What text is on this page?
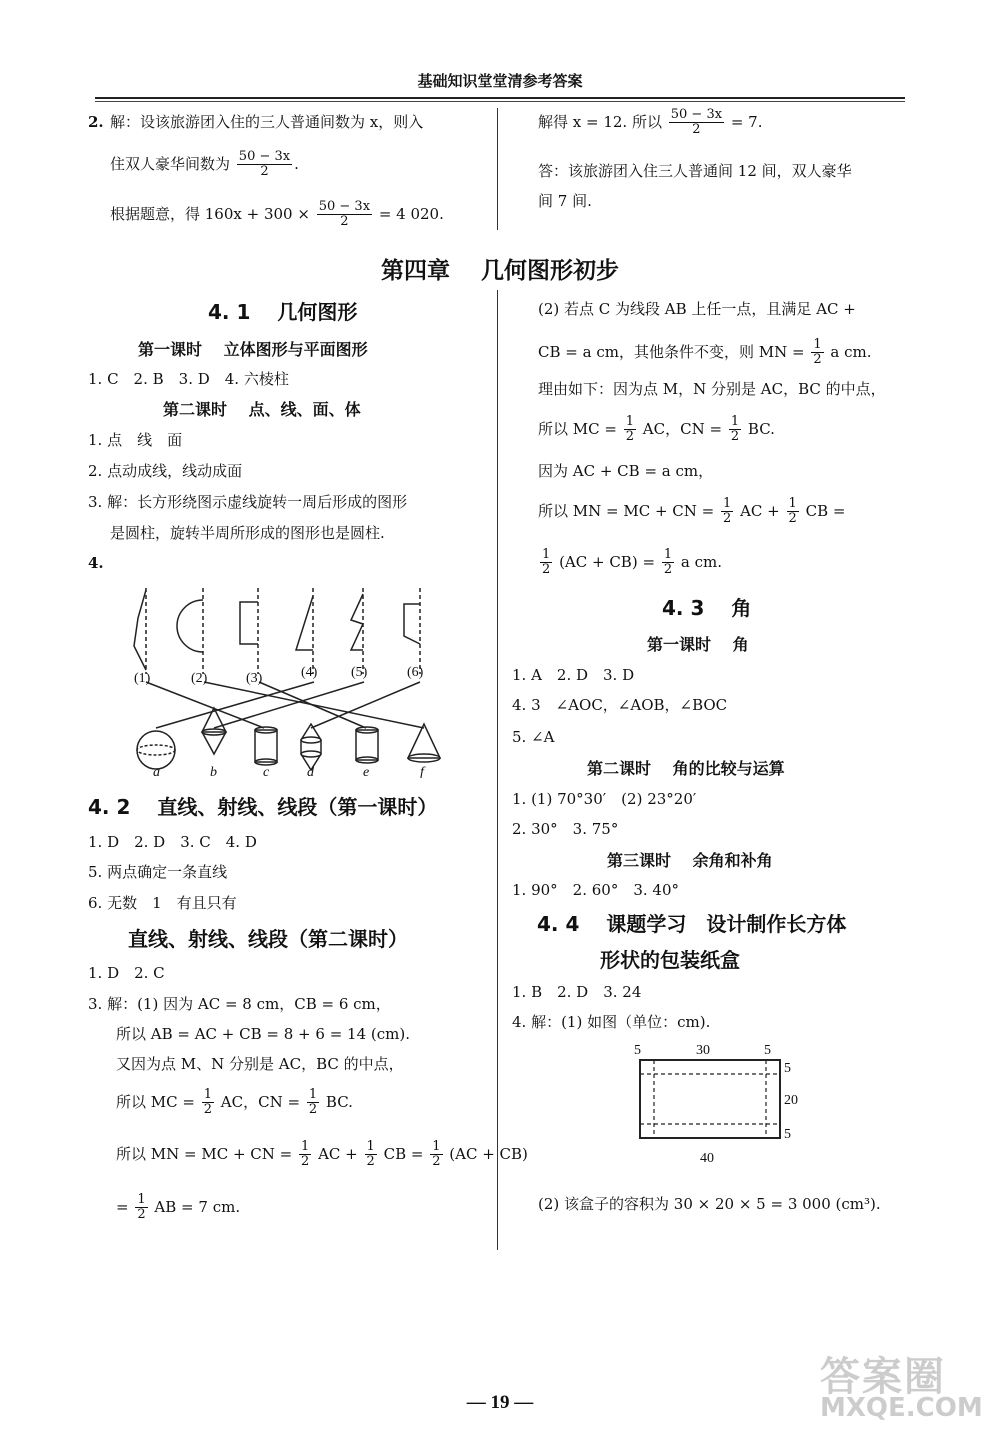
基础知识堂堂清参考答案
2. 解：设该旅游团入住的三人普通间数为 x，则入
住双人豪华间数为 $\frac{50 - 3x}{2}$ .
根据题意，得 $160x + 300 \times \frac{50 - 3x}{2} = 4$ 020.
解得 x = 12. 所以 $\frac{50 - 3x}{2} = 7$.
答：该旅游团入住三人普通间 12 间，双人豪华
间 7 间.
第四章　 几何图形初步
4. 1　 几何图形
第一课时　 立体图形与平面图形
1. C　2. B　3. D　4. 六棱柱
第二课时　 点、线、面、体
1. 点　线　面
2. 点动成线，线动成面
3. 解：长方形绕图示虚线旋转一周后形成的图形
是圆柱，旋转半周所形成的图形也是圆柱.
4.
(1)	(2)	(3)	(4) (5)	(6)
a	b	c	d	e	f
4. 2　 直线、射线、线段（第一课时）
1. D　2. D　3. C　4. D
5. 两点确定一条直线
6. 无数　1　有且只有
直线、射线、线段（第二课时）
1. D　2. C
3. 解：(1) 因为 AC = 8 cm，CB = 6 cm，
所以 AB = AC + CB = 8 + 6 = 14 (cm).
又因为点 M、N 分别是 AC，BC 的中点，
所以 MC = $\frac{1}{2}$ AC，CN = $\frac{1}{2}$ BC.
所以 MN = MC + CN = $\frac{1}{2}$ AC + $\frac{1}{2}$ CB = $\frac{1}{2} (AC + CB)$
= $\frac{1}{2}$ AB = 7 cm.
(2) 若点 C 为线段 AB 上任一点，且满足 AC +
CB = a cm，其他条件不变，则 MN = $\frac{1}{2}$ a cm.
理由如下：因为点 M，N 分别是 AC，BC 的中点，
所以 MC = $\frac{1}{2}$ AC，CN = $\frac{1}{2}$ BC.
因为 AC + CB = a cm，
所以 MN = MC + CN = $\frac{1}{2}$ AC + $\frac{1}{2}$ CB =
$\frac{1}{2} (AC + CB) = \frac{1}{2}$ a cm.
4. 3　 角
第一课时　 角
1. A　2. D　3. D
4. 3　∠AOC，∠AOB，∠BOC
5. ∠A
第二课时　 角的比较与运算
1. (1) 70°30′　(2) 23°20′
2. 30°　3. 75°
第三课时　 余角和补角
1. 90°　2. 60°　3. 40°
4. 4　 课题学习　设计制作长方体
形状的包装纸盒
1. B　2. D　3. 24
4. 解：(1) 如图（单位：cm).
5	30	5
5
20
5
40
(2) 该盒子的容积为 30 × 20 × 5 = 3 000 (cm³).
— 19 —
答案圈
MXQE.COM
